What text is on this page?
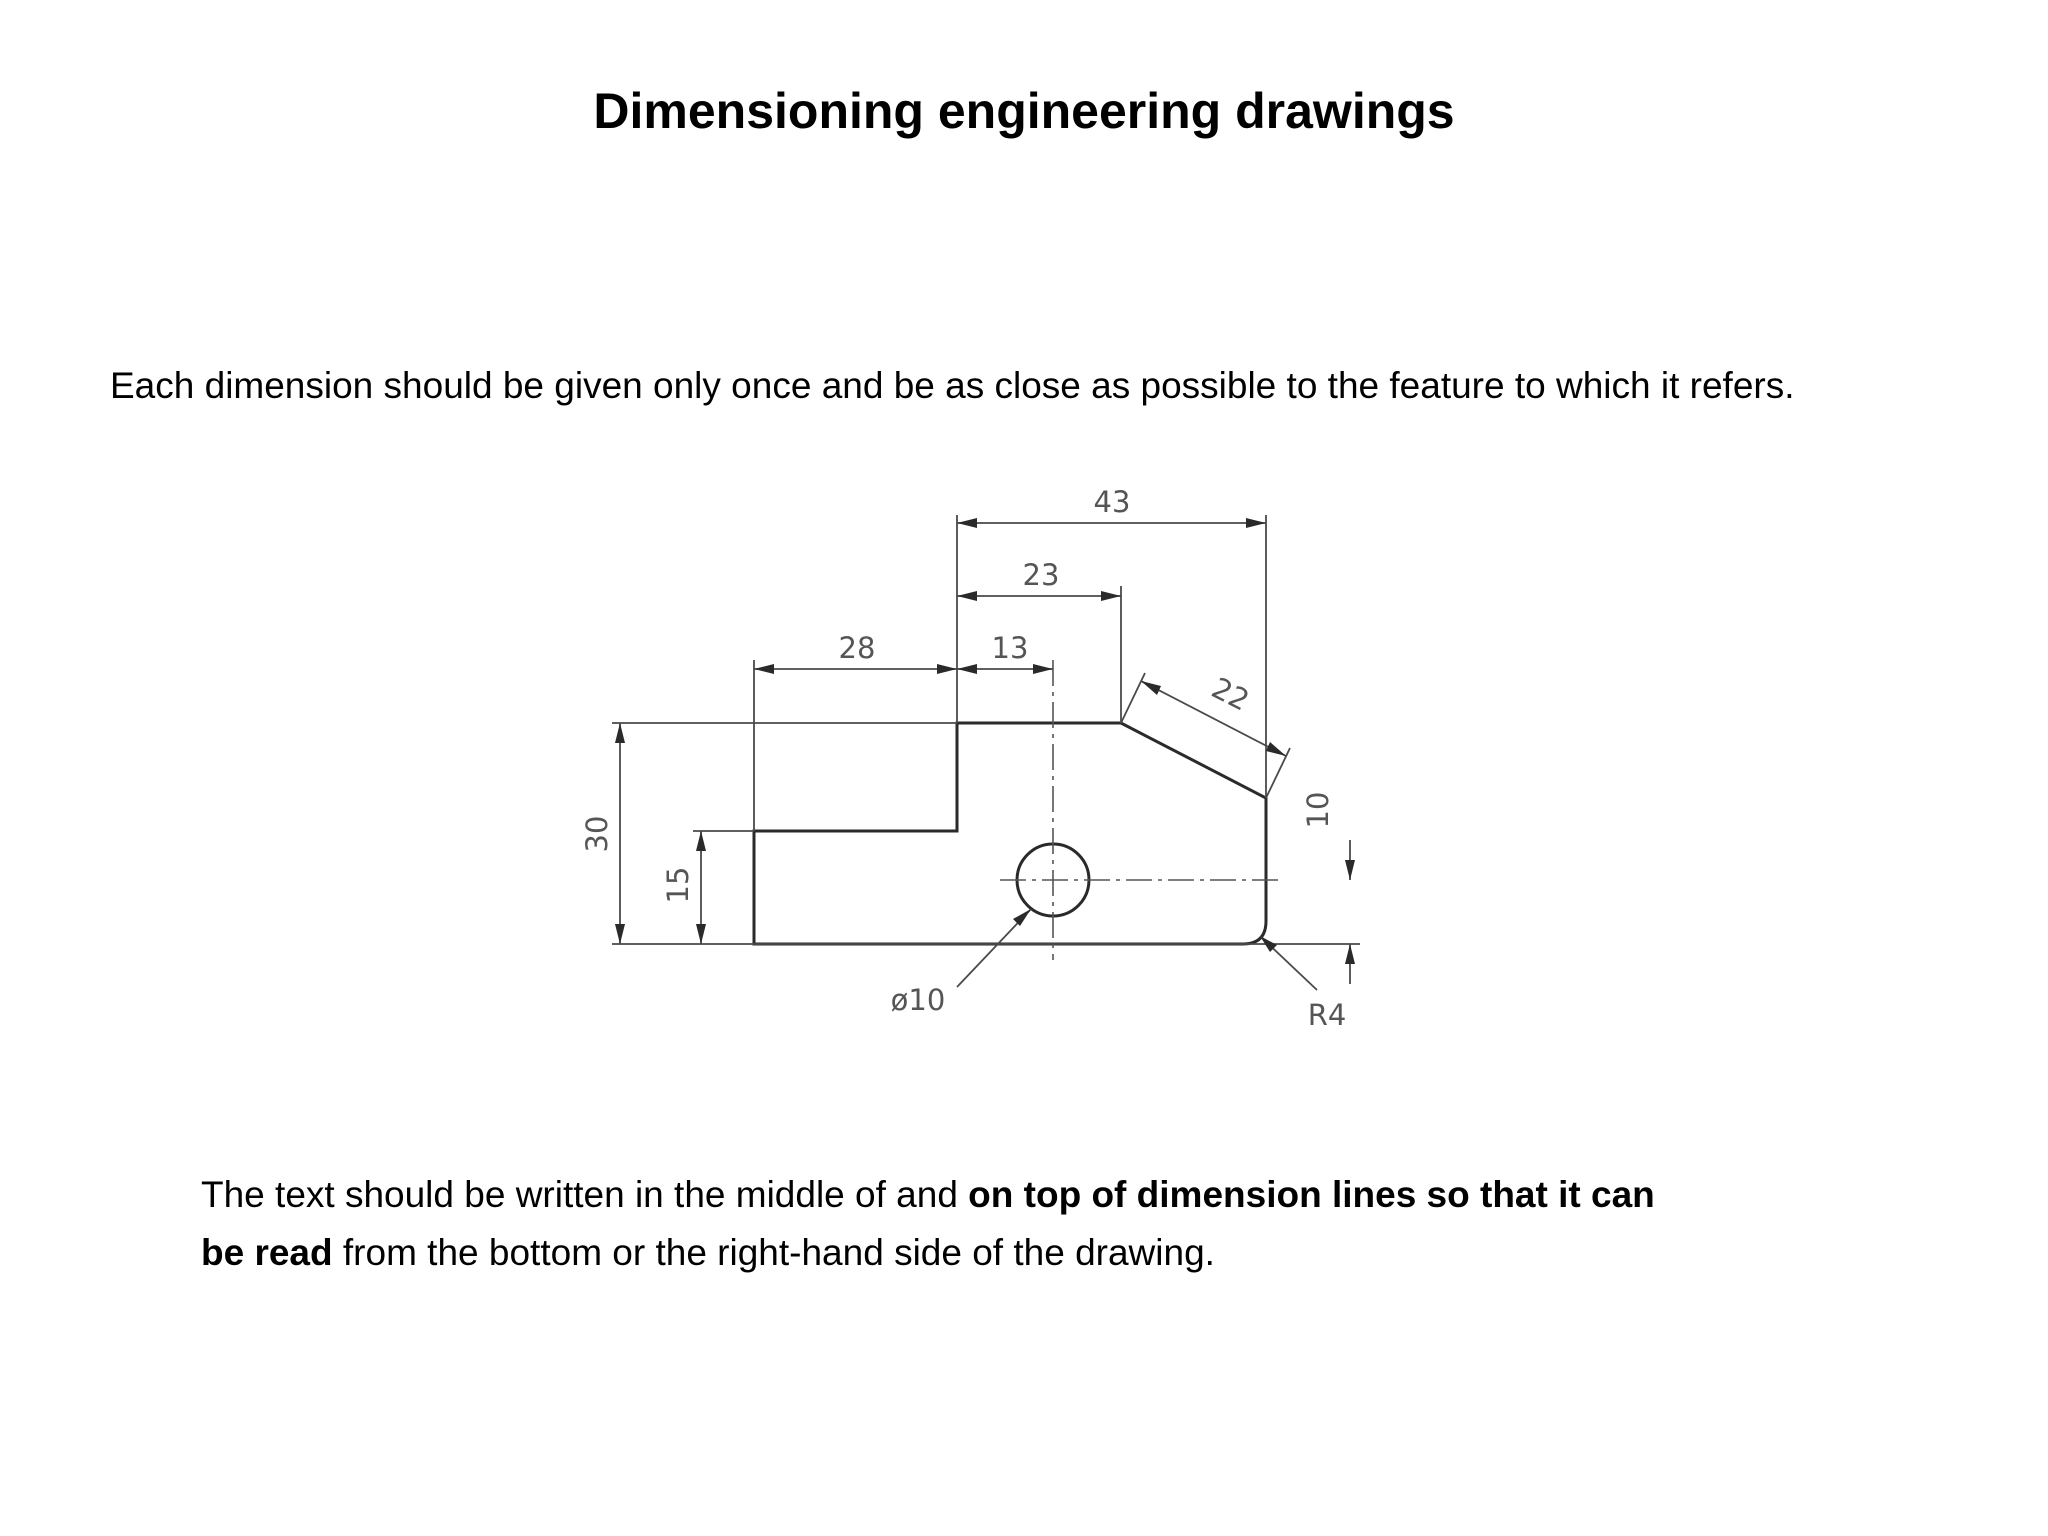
Dimensioning engineering drawings

Each dimension should be given only once and be as close as possible to the feature to which it refers.

43
23
28	13
22
30
15
10
ø10	R4

The text should be written in the middle of and on top of dimension lines so that it can
be read from the bottom or the right-hand side of the drawing.
